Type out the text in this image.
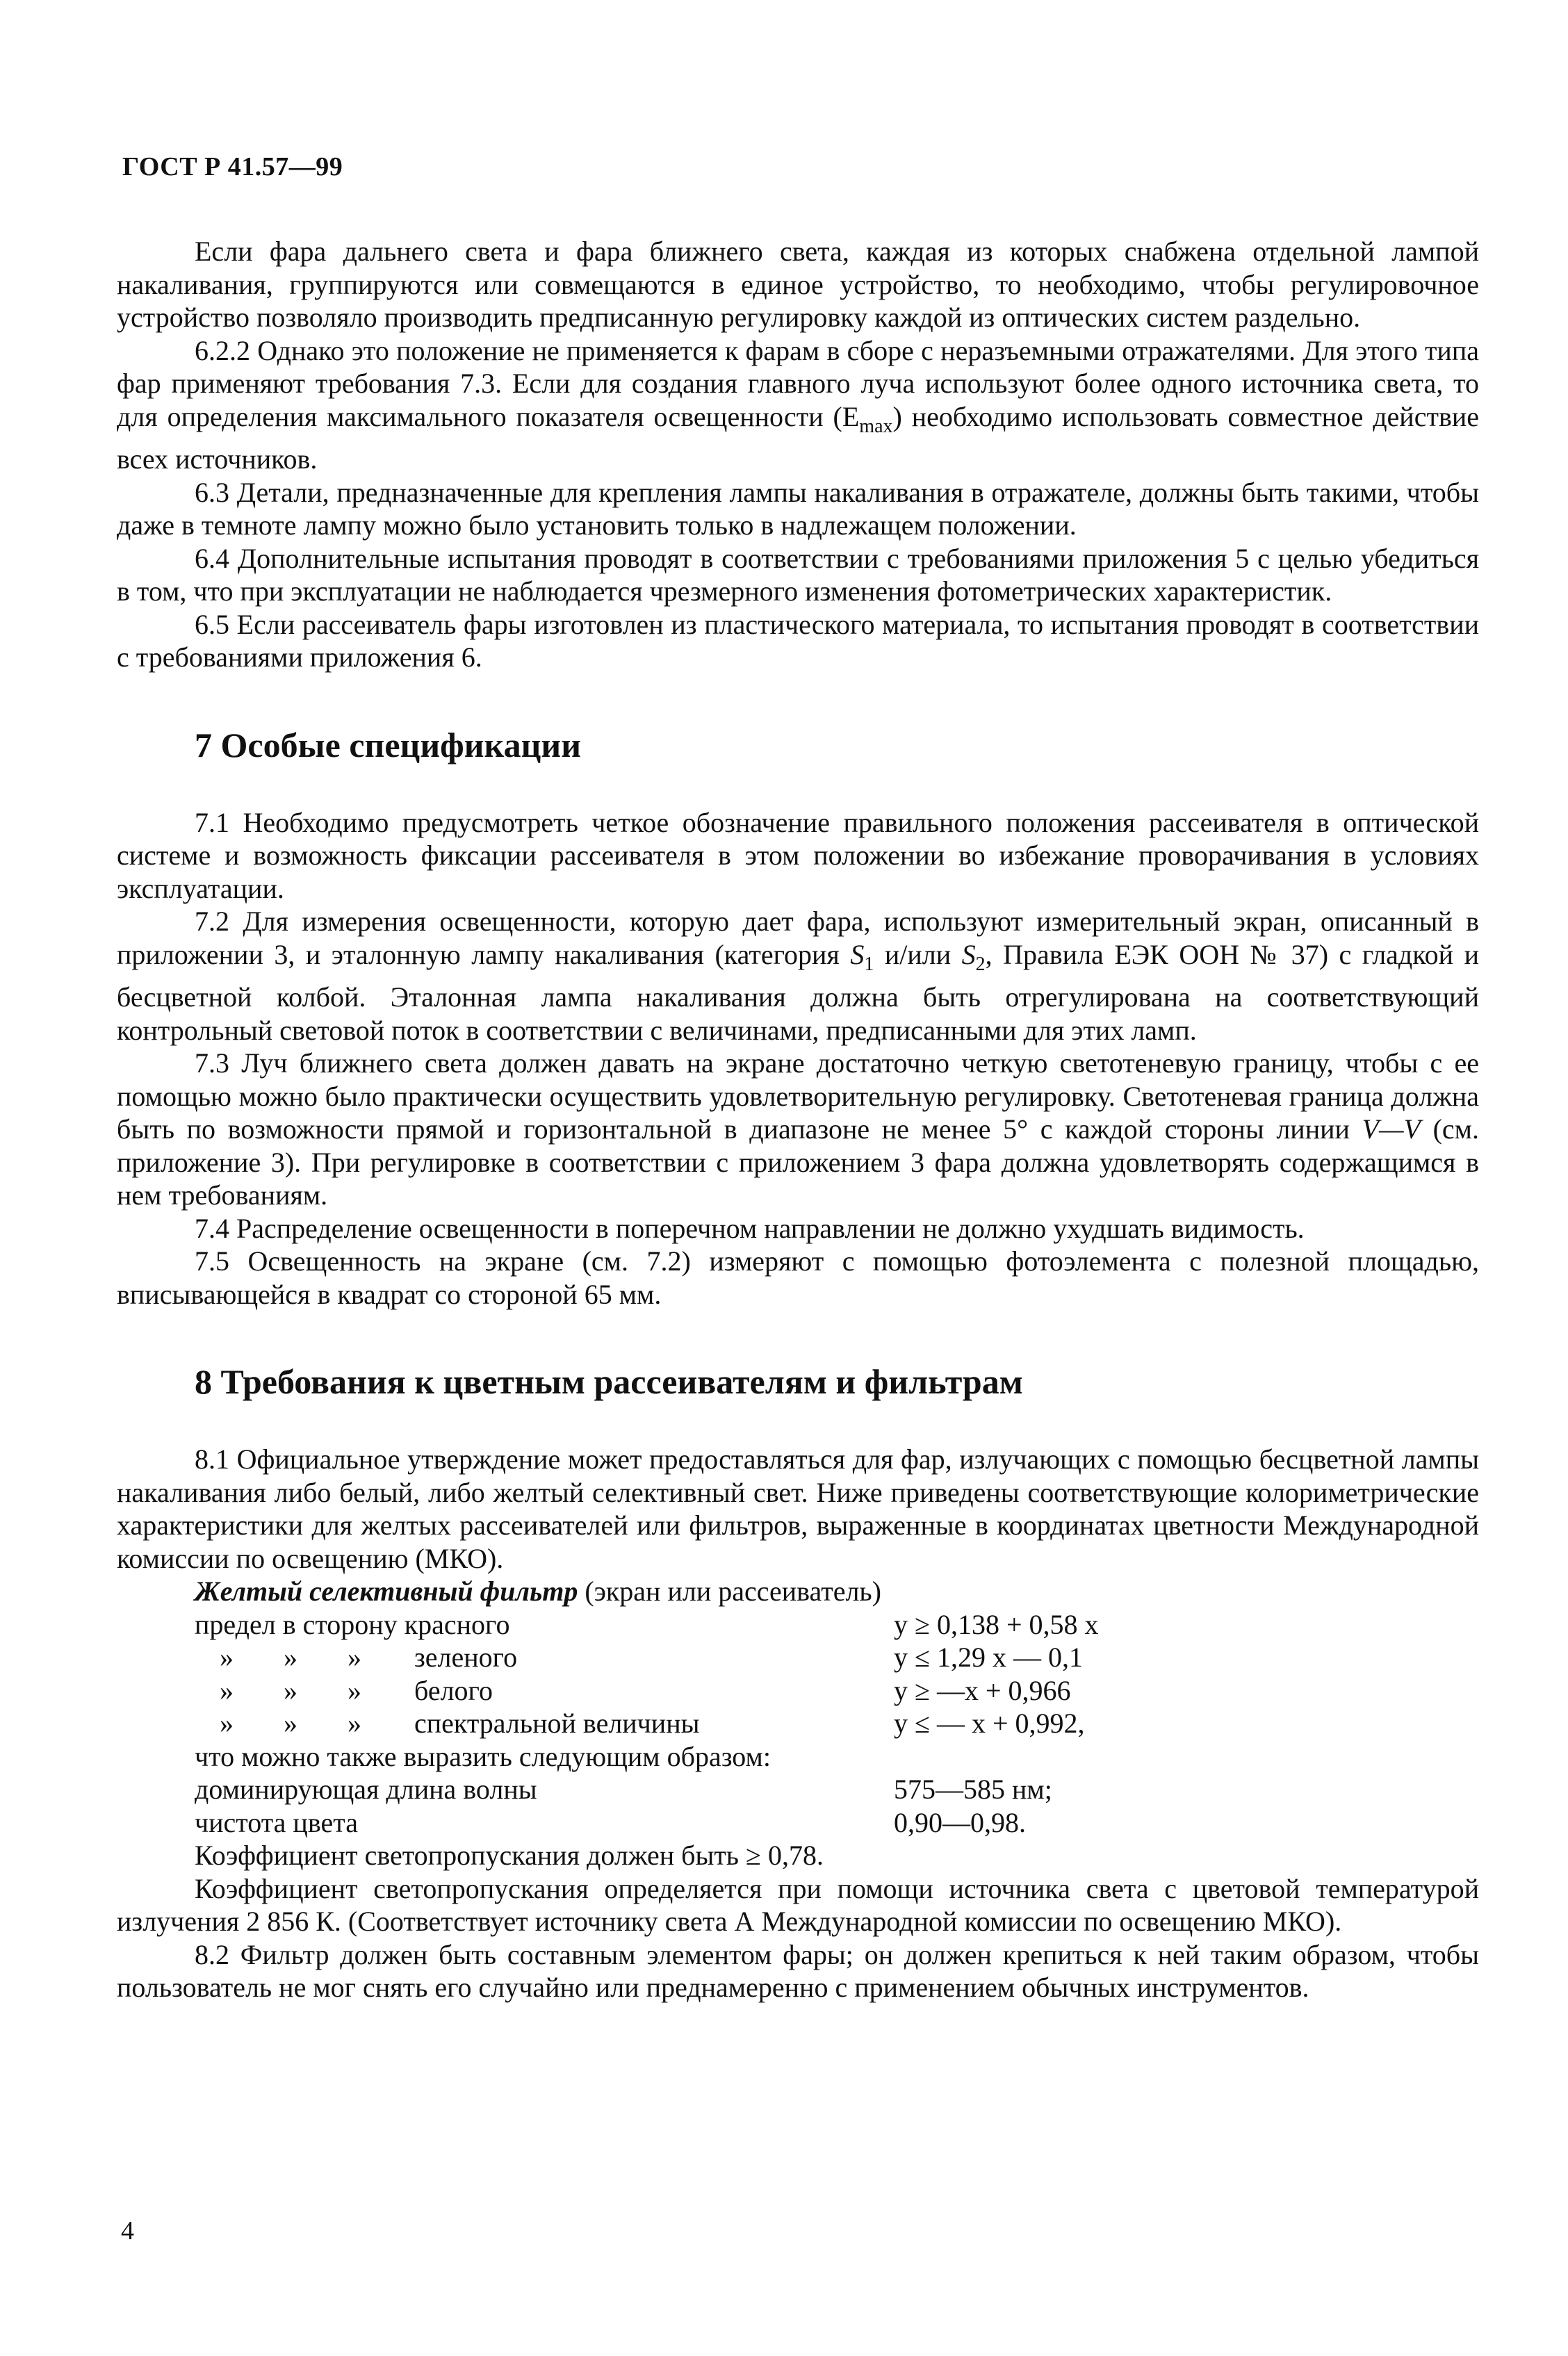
ГОСТ Р 41.57—99

Если фара дальнего света и фара ближнего света, каждая из которых снабжена отдельной лампой накаливания, группируются или совмещаются в единое устройство, то необходимо, чтобы регулировочное устройство позволяло производить предписанную регулировку каждой из оптических систем раздельно.

6.2.2 Однако это положение не применяется к фарам в сборе с неразъемными отражателями. Для этого типа фар применяют требования 7.3. Если для создания главного луча используют более одного источника света, то для определения максимального показателя освещенности $(E_{max})$ необходимо использовать совместное действие всех источников.

6.3 Детали, предназначенные для крепления лампы накаливания в отражателе, должны быть такими, чтобы даже в темноте лампу можно было установить только в надлежащем положении.

6.4 Дополнительные испытания проводят в соответствии с требованиями приложения 5 с целью убедиться в том, что при эксплуатации не наблюдается чрезмерного изменения фотометрических характеристик.

6.5 Если рассеиватель фары изготовлен из пластического материала, то испытания проводят в соответствии с требованиями приложения 6.

7 Особые спецификации

7.1 Необходимо предусмотреть четкое обозначение правильного положения рассеивателя в оптической системе и возможность фиксации рассеивателя в этом положении во избежание проворачивания в условиях эксплуатации.

7.2 Для измерения освещенности, которую дает фара, используют измерительный экран, описанный в приложении 3, и эталонную лампу накаливания (категория $S_1$ и/или $S_2$, Правила ЕЭК ООН № 37) с гладкой и бесцветной колбой. Эталонная лампа накаливания должна быть отрегулирована на соответствующий контрольный световой поток в соответствии с величинами, предписанными для этих ламп.

7.3 Луч ближнего света должен давать на экране достаточно четкую светотеневую границу, чтобы с ее помощью можно было практически осуществить удовлетворительную регулировку. Светотеневая граница должна быть по возможности прямой и горизонтальной в диапазоне не менее 5° с каждой стороны линии V—V (см. приложение 3). При регулировке в соответствии с приложением 3 фара должна удовлетворять содержащимся в нем требованиям.

7.4 Распределение освещенности в поперечном направлении не должно ухудшать видимость.

7.5 Освещенность на экране (см. 7.2) измеряют с помощью фотоэлемента с полезной площадью, вписывающейся в квадрат со стороной 65 мм.

8 Требования к цветным рассеивателям и фильтрам

8.1 Официальное утверждение может предоставляться для фар, излучающих с помощью бесцветной лампы накаливания либо белый, либо желтый селективный свет. Ниже приведены соответствующие колориметрические характеристики для желтых рассеивателей или фильтров, выраженные в координатах цветности Международной комиссии по освещению (МКО).

Желтый селективный фильтр (экран или рассеиватель)
предел в сторону красного	y ≥ 0,138 + 0,58 x
» » » зеленого	y ≤ 1,29 x — 0,1
» » » белого	y ≥ —x + 0,966
» » » спектральной величины	y ≤ — x + 0,992,
что можно также выразить следующим образом:
доминирующая длина волны	575—585 нм;
чистота цвета	0,90—0,98.
Коэффициент светопропускания должен быть ≥ 0,78.

Коэффициент светопропускания определяется при помощи источника света с цветовой температурой излучения 2 856 К. (Соответствует источнику света А Международной комиссии по освещению МКО).

8.2 Фильтр должен быть составным элементом фары; он должен крепиться к ней таким образом, чтобы пользователь не мог снять его случайно или преднамеренно с применением обычных инструментов.

4
